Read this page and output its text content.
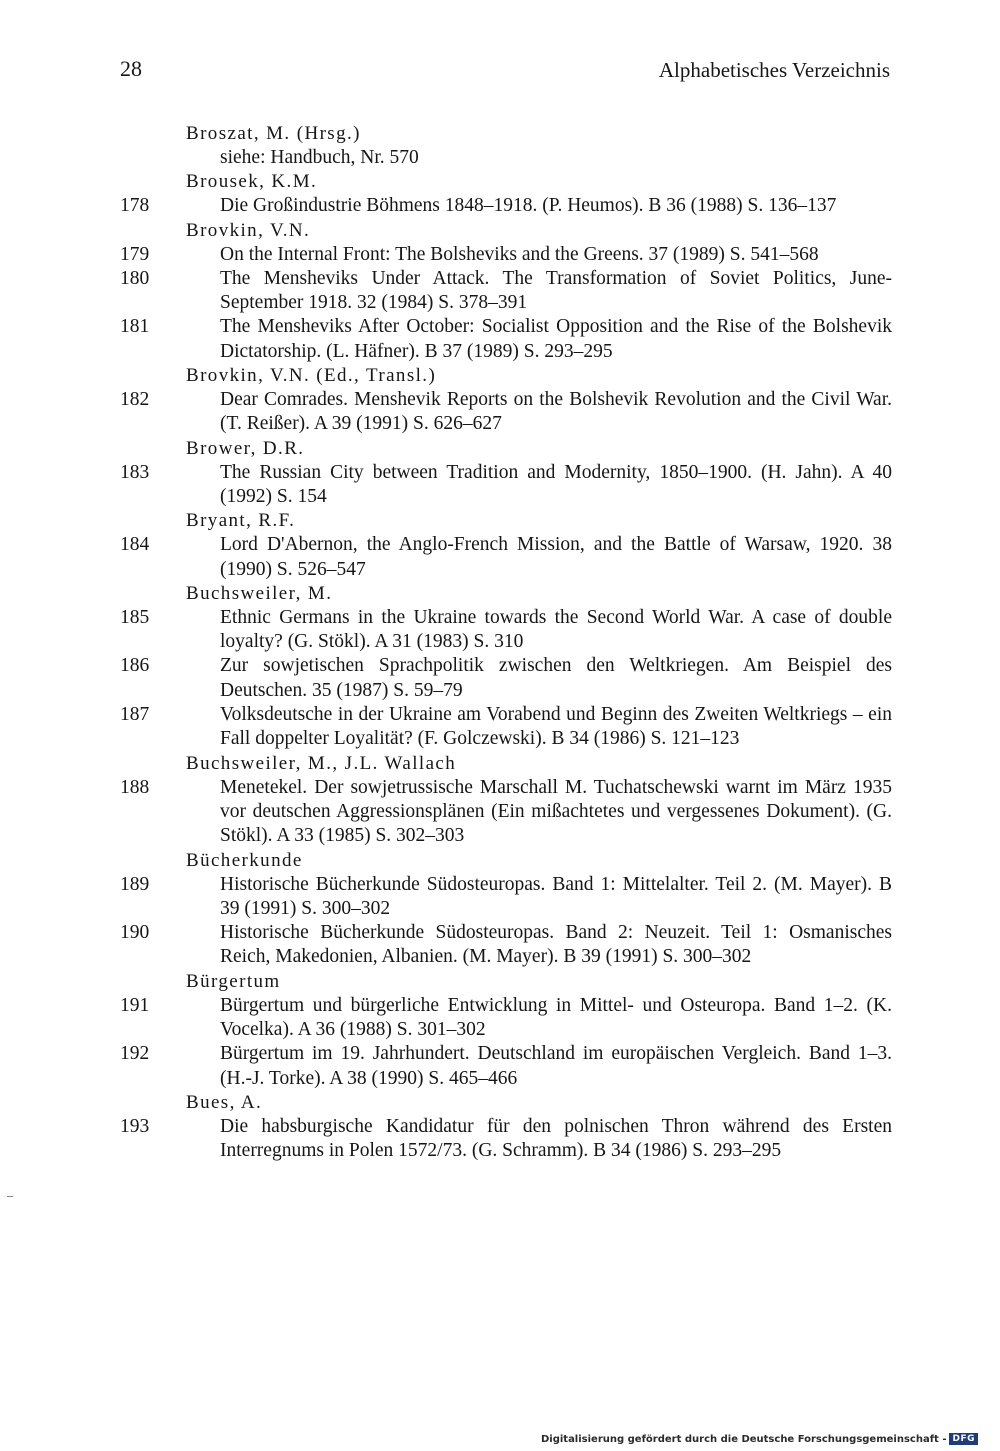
28	Alphabetisches Verzeichnis
Broszat, M. (Hrsg.)
siehe: Handbuch, Nr. 570
Brousek, K.M.
178	Die Großindustrie Böhmens 1848–1918. (P. Heumos). B 36 (1988) S. 136–137
Brovkin, V.N.
179	On the Internal Front: The Bolsheviks and the Greens. 37 (1989) S. 541–568
180	The Mensheviks Under Attack. The Transformation of Soviet Politics, June-September 1918. 32 (1984) S. 378–391
181	The Mensheviks After October: Socialist Opposition and the Rise of the Bolshevik Dictatorship. (L. Häfner). B 37 (1989) S. 293–295
Brovkin, V.N. (Ed., Transl.)
182	Dear Comrades. Menshevik Reports on the Bolshevik Revolution and the Civil War. (T. Reißer). A 39 (1991) S. 626–627
Brower, D.R.
183	The Russian City between Tradition and Modernity, 1850–1900. (H. Jahn). A 40 (1992) S. 154
Bryant, R.F.
184	Lord D'Abernon, the Anglo-French Mission, and the Battle of Warsaw, 1920. 38 (1990) S. 526–547
Buchsweiler, M.
185	Ethnic Germans in the Ukraine towards the Second World War. A case of double loyalty? (G. Stökl). A 31 (1983) S. 310
186	Zur sowjetischen Sprachpolitik zwischen den Weltkriegen. Am Beispiel des Deutschen. 35 (1987) S. 59–79
187	Volksdeutsche in der Ukraine am Vorabend und Beginn des Zweiten Weltkriegs – ein Fall doppelter Loyalität? (F. Golczewski). B 34 (1986) S. 121–123
Buchsweiler, M., J.L. Wallach
188	Menetekel. Der sowjetrussische Marschall M. Tuchatschewski warnt im März 1935 vor deutschen Aggressionsplänen (Ein mißachtetes und vergessenes Dokument). (G. Stökl). A 33 (1985) S. 302–303
Bücherkunde
189	Historische Bücherkunde Südosteuropas. Band 1: Mittelalter. Teil 2. (M. Mayer). B 39 (1991) S. 300–302
190	Historische Bücherkunde Südosteuropas. Band 2: Neuzeit. Teil 1: Osmanisches Reich, Makedonien, Albanien. (M. Mayer). B 39 (1991) S. 300–302
Bürgertum
191	Bürgertum und bürgerliche Entwicklung in Mittel- und Osteuropa. Band 1–2. (K. Vocelka). A 36 (1988) S. 301–302
192	Bürgertum im 19. Jahrhundert. Deutschland im europäischen Vergleich. Band 1–3. (H.-J. Torke). A 38 (1990) S. 465–466
Bues, A.
193	Die habsburgische Kandidatur für den polnischen Thron während des Ersten Interregnums in Polen 1572/73. (G. Schramm). B 34 (1986) S. 293–295
Digitalisierung gefördert durch die Deutsche Forschungsgemeinschaft - DFG
